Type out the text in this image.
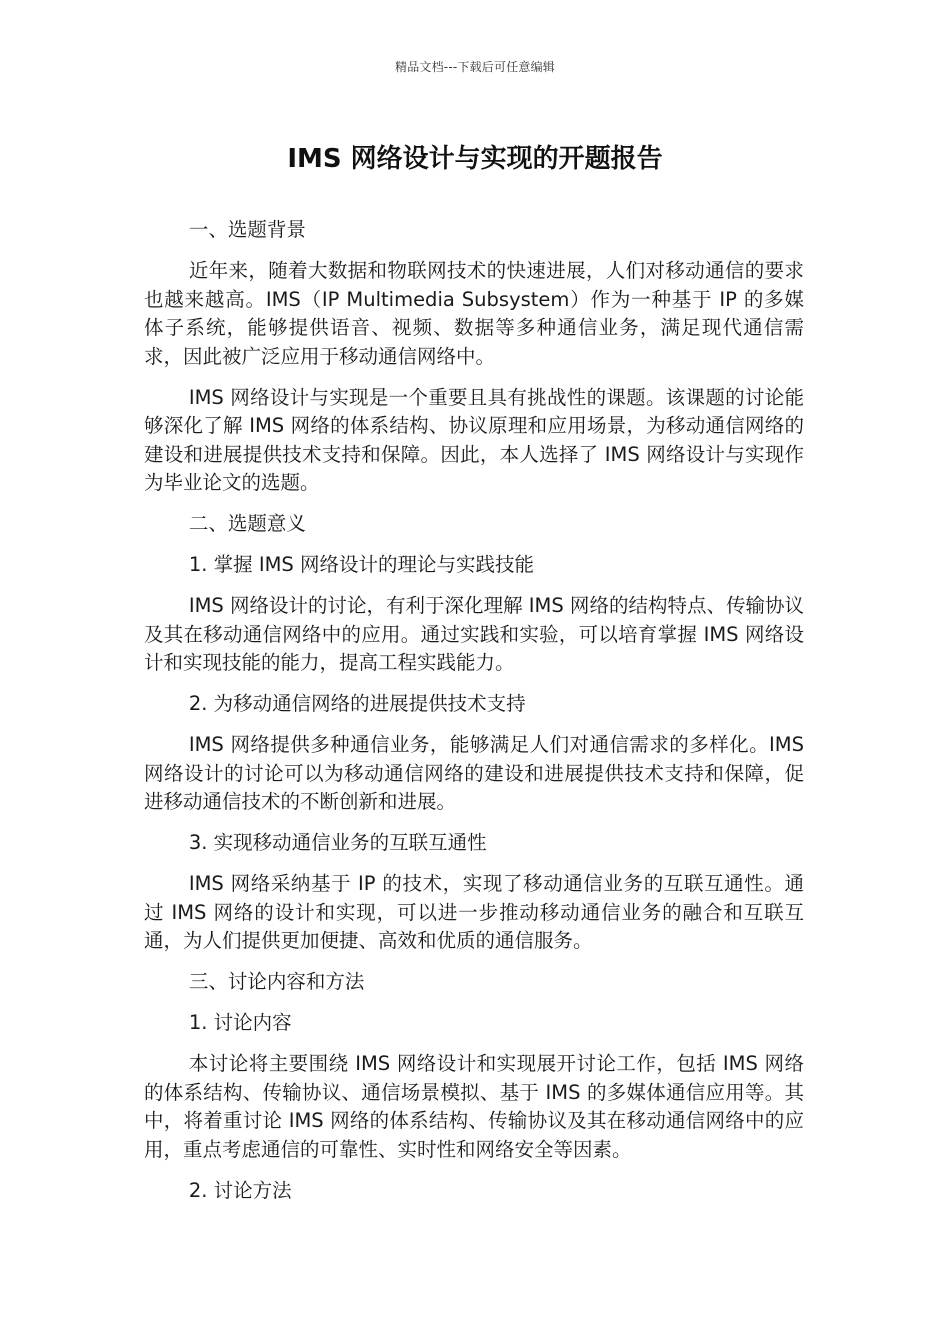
精品文档---下载后可任意编辑
IMS 网络设计与实现的开题报告

一、选题背景

近年来，随着大数据和物联网技术的快速进展，人们对移动通信的要求也越来越高。IMS（IP Multimedia Subsystem）作为一种基于 IP 的多媒体子系统，能够提供语音、视频、数据等多种通信业务，满足现代通信需求，因此被广泛应用于移动通信网络中。

IMS 网络设计与实现是一个重要且具有挑战性的课题。该课题的讨论能够深化了解 IMS 网络的体系结构、协议原理和应用场景，为移动通信网络的建设和进展提供技术支持和保障。因此，本人选择了 IMS 网络设计与实现作为毕业论文的选题。

二、选题意义

1. 掌握 IMS 网络设计的理论与实践技能

IMS 网络设计的讨论，有利于深化理解 IMS 网络的结构特点、传输协议及其在移动通信网络中的应用。通过实践和实验，可以培育掌握 IMS 网络设计和实现技能的能力，提高工程实践能力。

2. 为移动通信网络的进展提供技术支持

IMS 网络提供多种通信业务，能够满足人们对通信需求的多样化。IMS 网络设计的讨论可以为移动通信网络的建设和进展提供技术支持和保障，促进移动通信技术的不断创新和进展。

3. 实现移动通信业务的互联互通性

IMS 网络采纳基于 IP 的技术，实现了移动通信业务的互联互通性。通过 IMS 网络的设计和实现，可以进一步推动移动通信业务的融合和互联互通，为人们提供更加便捷、高效和优质的通信服务。

三、讨论内容和方法

1. 讨论内容

本讨论将主要围绕 IMS 网络设计和实现展开讨论工作，包括 IMS 网络的体系结构、传输协议、通信场景模拟、基于 IMS 的多媒体通信应用等。其中，将着重讨论 IMS 网络的体系结构、传输协议及其在移动通信网络中的应用，重点考虑通信的可靠性、实时性和网络安全等因素。

2. 讨论方法
